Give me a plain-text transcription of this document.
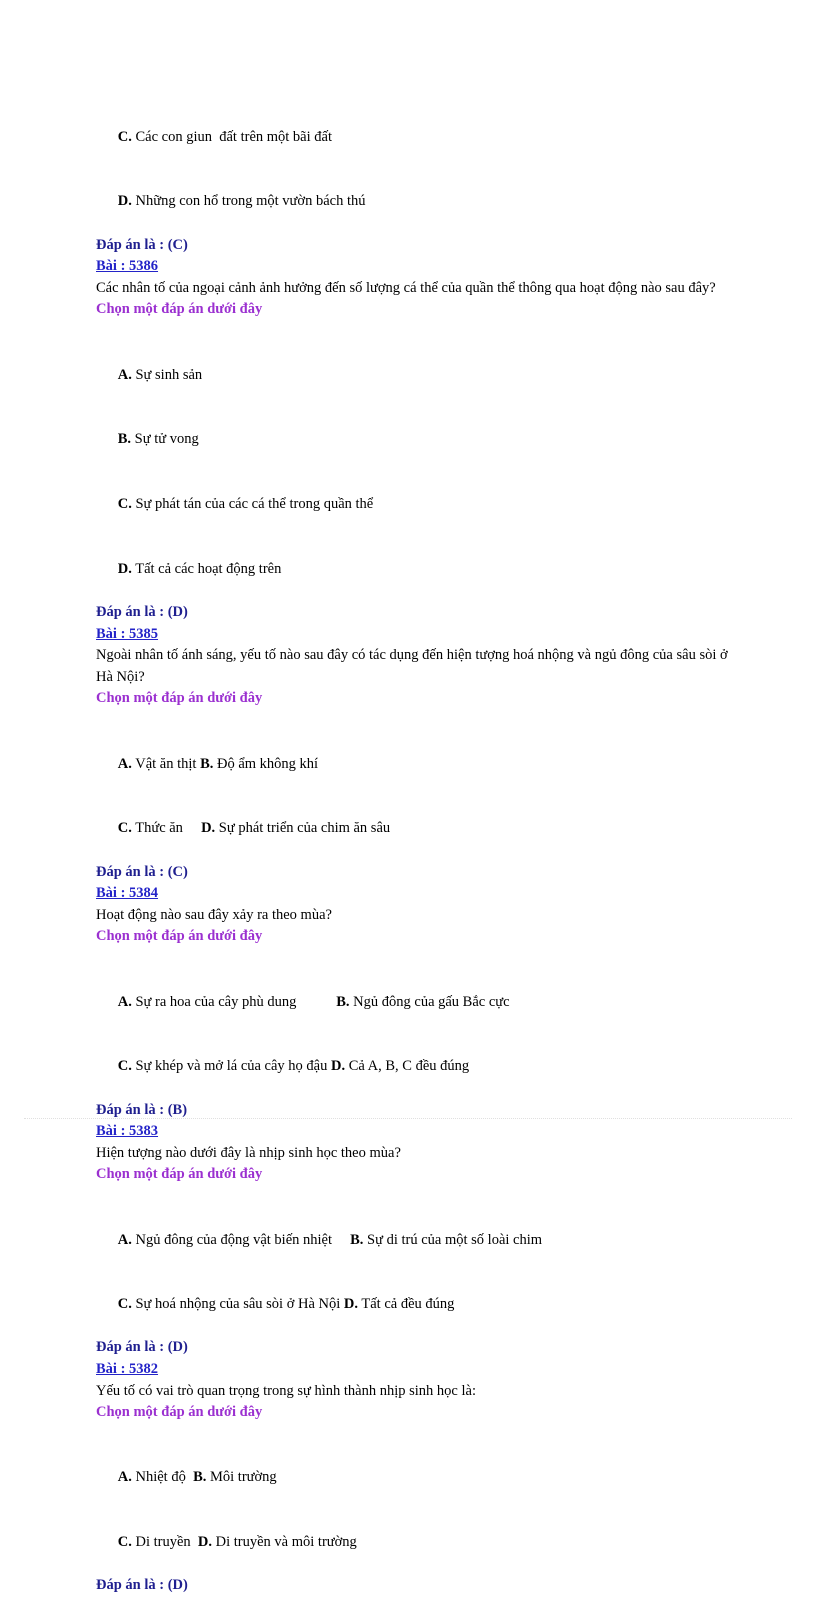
C. Các con giun  đất trên một bãi đất

D. Những con hổ trong một vườn bách thú

Đáp án là : (C)
Bài : 5386
Các nhân tố của ngoại cảnh ảnh hưởng đến số lượng cá thể của quần thể thông qua hoạt động nào sau đây?
Chọn một đáp án dưới đây

A. Sự sinh sản

B. Sự tử vong

C. Sự phát tán của các cá thể trong quần thể

D. Tất cả các hoạt động trên

Đáp án là : (D)
Bài : 5385
Ngoài nhân tố ánh sáng, yếu tố nào sau đây có tác dụng đến hiện tượng hoá nhộng và ngủ đông của sâu sòi ở Hà Nội?
Chọn một đáp án dưới đây

A. Vật ăn thịt B. Độ ẩm không khí

C. Thức ăn     D. Sự phát triển của chim ăn sâu

Đáp án là : (C)
Bài : 5384
Hoạt động nào sau đây xảy ra theo mùa?
Chọn một đáp án dưới đây

A. Sự ra hoa của cây phù dung           B. Ngủ đông của gấu Bắc cực

C. Sự khép và mở lá của cây họ đậu D. Cả A, B, C đều đúng

Đáp án là : (B)
Bài : 5383
Hiện tượng nào dưới đây là nhịp sinh học theo mùa?
Chọn một đáp án dưới đây

A. Ngủ đông của động vật biến nhiệt     B. Sự di trú của một số loài chim

C. Sự hoá nhộng của sâu sòi ở Hà Nội D. Tất cả đều đúng

Đáp án là : (D)
Bài : 5382
Yếu tố có vai trò quan trọng trong sự hình thành nhịp sinh học là:
Chọn một đáp án dưới đây

A. Nhiệt độ  B. Môi trường

C. Di truyền  D. Di truyền và môi trường

Đáp án là : (D)
